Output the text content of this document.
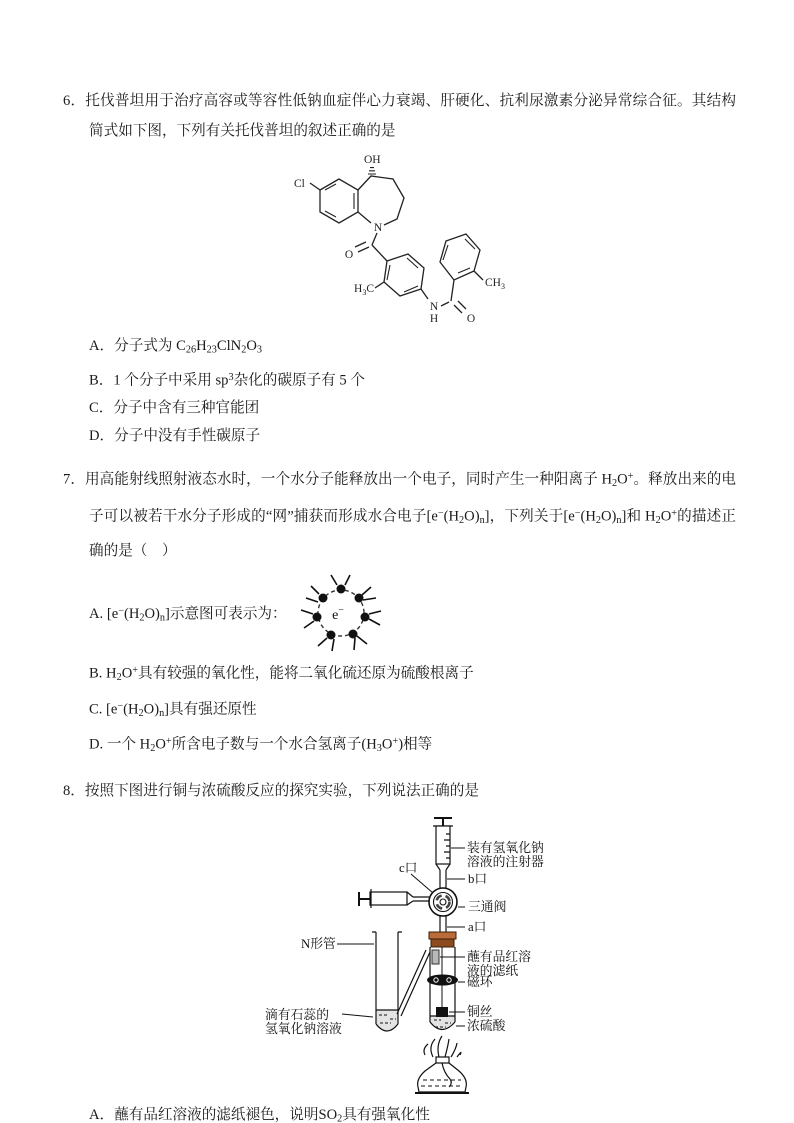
6．托伐普坦用于治疗高容或等容性低钠血症伴心力衰竭、肝硬化、抗利尿激素分泌异常综合征。其结构简式如下图，下列有关托伐普坦的叙述正确的是

Cl
N
OH
O
$H_3C$
N
H O
$CH_3$
A．分子式为 $C_{26}H_{23}ClN_2O_3$
B．1 个分子中采用 $sp^3$杂化的碳原子有 5 个
C．分子中含有三种官能团
D．分子中没有手性碳原子

7．用高能射线照射液态水时，一个水分子能释放出一个电子，同时产生一种阳离子 $H_2O^+$。释放出来的电子可以被若干水分子形成的“网”捕获而形成水合电子$[e^-(H_2O)_n]$，下列关于$[e^-(H_2O)_n]$和 $H_2O^+$的描述正确的是（　）

A. $[e^-(H_2O)_n]$示意图可表示为：	e−
B. $H_2O^+$具有较强的氧化性，能将二氧化硫还原为硫酸根离子
C. $[e^-(H_2O)_n]$具有强还原性
D. 一个 $H_2O^+$所含电子数与一个水合氢离子$(H_3O^+)$相等

8．按照下图进行铜与浓硫酸反应的探究实验，下列说法正确的是

装有氢氧化钠
溶液的注射器
b口
c口
三通阀
a口
蘸有品红溶
液的滤纸
磁环
铜丝
浓硫酸
N形管
滴有石蕊的
氢氧化钠溶液
A．蘸有品红溶液的滤纸褪色，说明$SO_2$具有强氧化性
